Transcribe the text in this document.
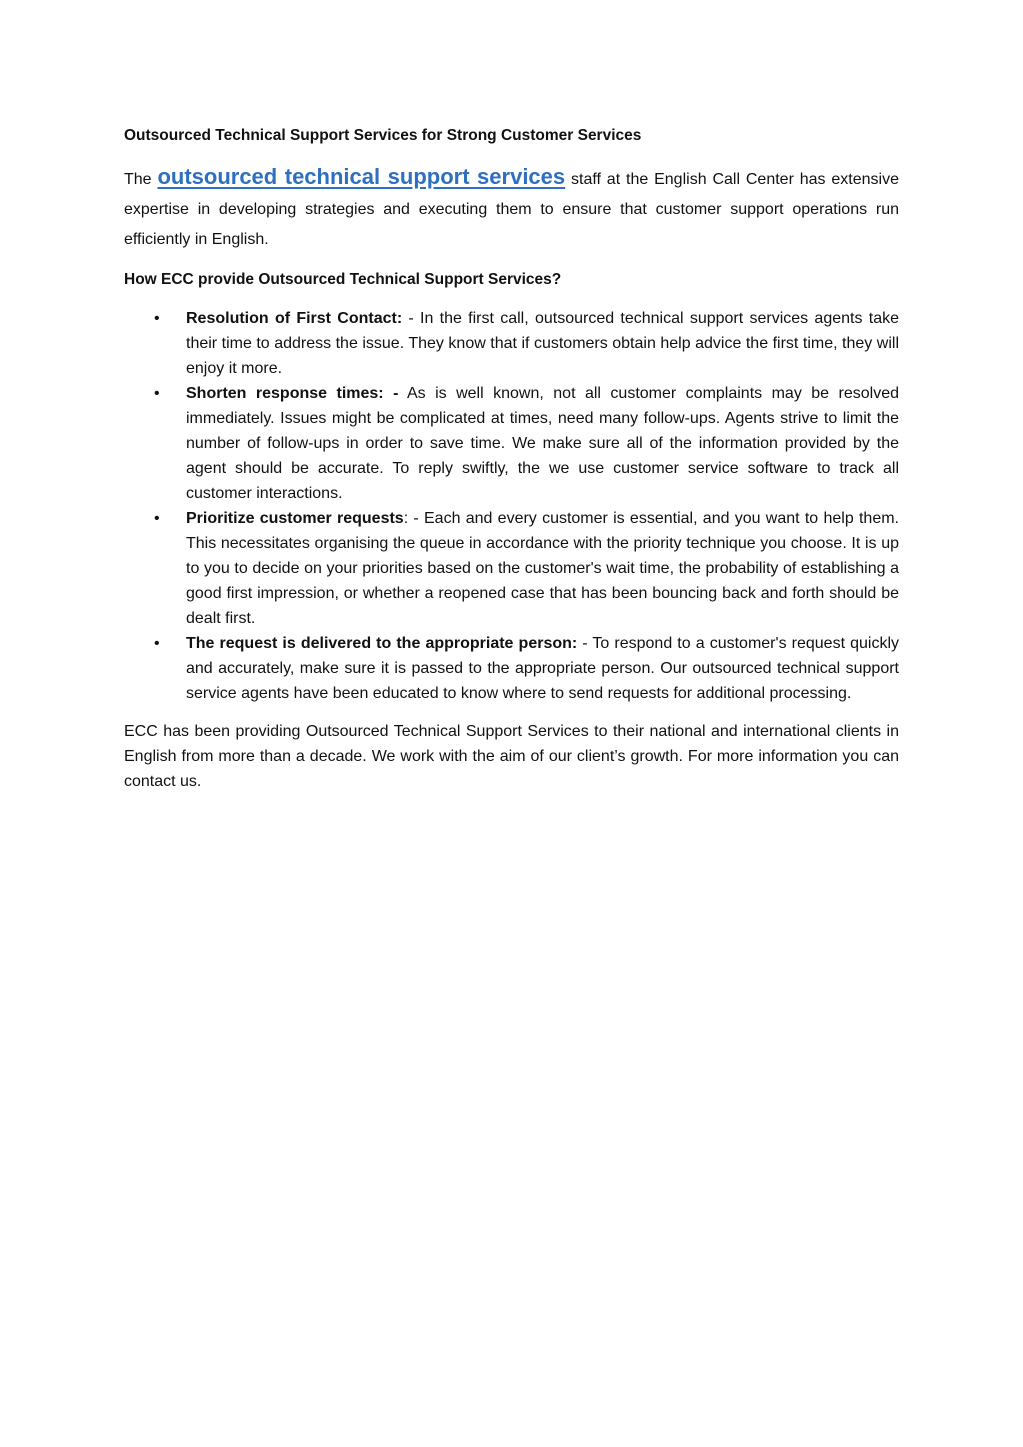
Outsourced Technical Support Services for Strong Customer Services

The outsourced technical support services staff at the English Call Center has extensive expertise in developing strategies and executing them to ensure that customer support operations run efficiently in English.

How ECC provide Outsourced Technical Support Services?
• Resolution of First Contact: - In the first call, outsourced technical support services agents take their time to address the issue. They know that if customers obtain help advice the first time, they will enjoy it more.
• Shorten response times: - As is well known, not all customer complaints may be resolved immediately. Issues might be complicated at times, need many follow-ups. Agents strive to limit the number of follow-ups in order to save time. We make sure all of the information provided by the agent should be accurate. To reply swiftly, the we use customer service software to track all customer interactions.
• Prioritize customer requests: - Each and every customer is essential, and you want to help them. This necessitates organising the queue in accordance with the priority technique you choose. It is up to you to decide on your priorities based on the customer's wait time, the probability of establishing a good first impression, or whether a reopened case that has been bouncing back and forth should be dealt first.
• The request is delivered to the appropriate person: - To respond to a customer's request quickly and accurately, make sure it is passed to the appropriate person. Our outsourced technical support service agents have been educated to know where to send requests for additional processing.

ECC has been providing Outsourced Technical Support Services to their national and international clients in English from more than a decade. We work with the aim of our client’s growth. For more information you can contact us.
